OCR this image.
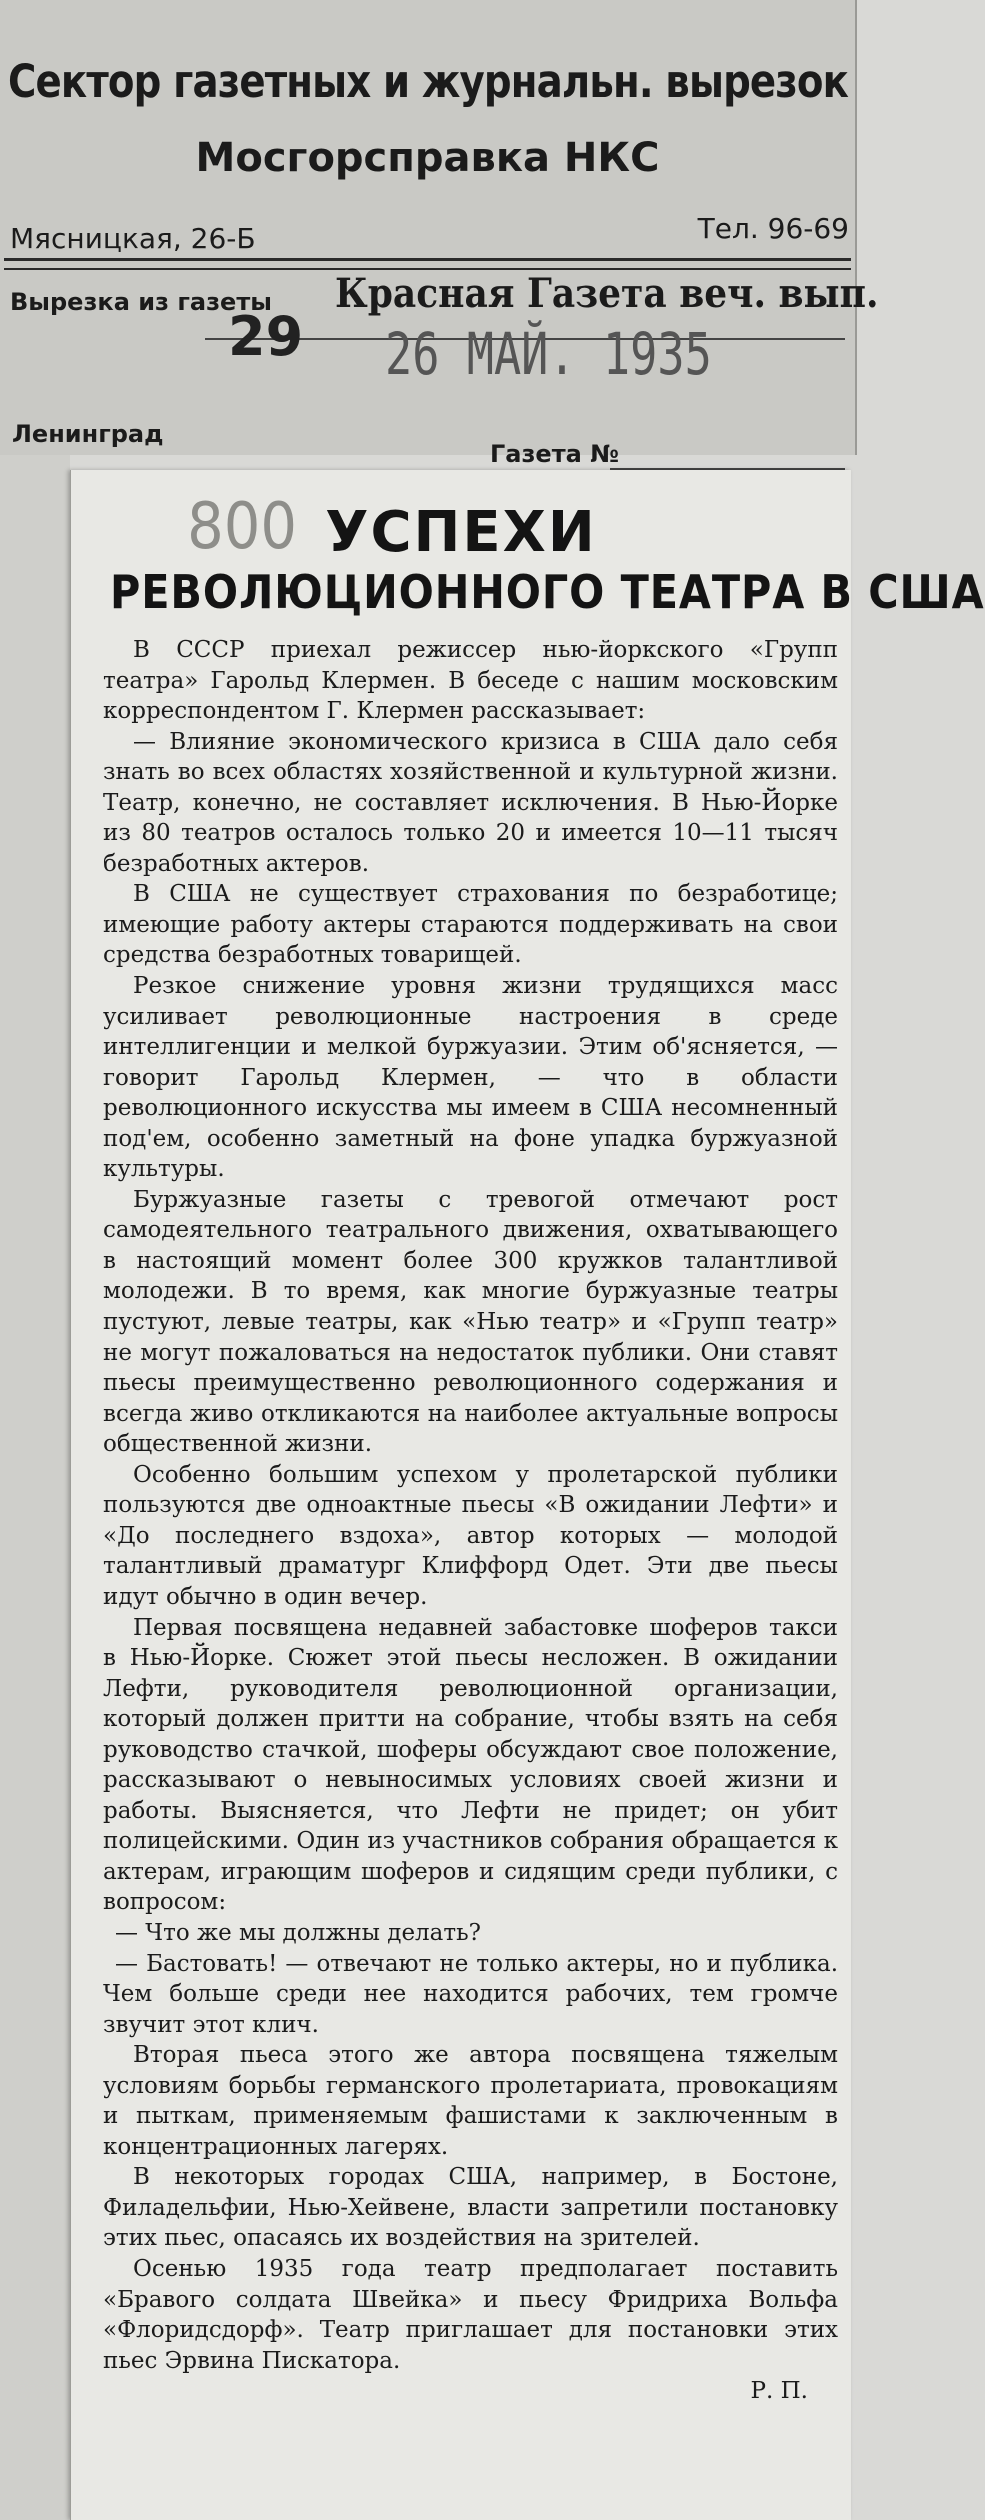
Сектор газетных и журнальн. вырезок
Мосгорсправка НКС
Мясницкая, 26-Б	Тел. 96-69
Вырезка из газеты Красная Газета веч. вып.
29 26 МАЙ. 1935
Ленинград
Газета №
800 УСПЕХИ
РЕВОЛЮЦИОННОГО ТЕАТРА В США

В СССР приехал режиссер нью-йоркского «Групп театра» Гарольд Клермен. В беседе с нашим московским корреспондентом Г. Клермен рассказывает:

— Влияние экономического кризиса в США дало себя знать во всех областях хозяйственной и культурной жизни. Театр, конечно, не составляет исключения. В Нью-Йорке из 80 театров осталось только 20 и имеется 10—11 тысяч безработных актеров.

В США не существует страхования по безработице; имеющие работу актеры стараются поддерживать на свои средства безработных товарищей.

Резкое снижение уровня жизни трудящихся масс усиливает революционные настроения в среде интеллигенции и мелкой буржуазии. Этим об'ясняется, — говорит Гарольд Клермен, — что в области революционного искусства мы имеем в США несомненный под'ем, особенно заметный на фоне упадка буржуазной культуры.

Буржуазные газеты с тревогой отмечают рост самодеятельного театрального движения, охватывающего в настоящий момент более 300 кружков талантливой молодежи. В то время, как многие буржуазные театры пустуют, левые театры, как «Нью театр» и «Групп театр» не могут пожаловаться на недостаток публики. Они ставят пьесы преимущественно революционного содержания и всегда живо откликаются на наиболее актуальные вопросы общественной жизни.

Особенно большим успехом у пролетарской публики пользуются две одноактные пьесы «В ожидании Лефти» и «До последнего вздоха», автор которых — молодой талантливый драматург Клиффорд Одет. Эти две пьесы идут обычно в один вечер.

Первая посвящена недавней забастовке шоферов такси в Нью-Йорке. Сюжет этой пьесы несложен. В ожидании Лефти, руководителя революционной организации, который должен притти на собрание, чтобы взять на себя руководство стачкой, шоферы обсуждают свое положение, рассказывают о невыносимых условиях своей жизни и работы. Выясняется, что Лефти не придет; он убит полицейскими. Один из участников собрания обращается к актерам, играющим шоферов и сидящим среди публики, с вопросом:

— Что же мы должны делать?

— Бастовать! — отвечают не только актеры, но и публика. Чем больше среди нее находится рабочих, тем громче звучит этот клич.

Вторая пьеса этого же автора посвящена тяжелым условиям борьбы германского пролетариата, провокациям и пыткам, применяемым фашистами к заключенным в концентрационных лагерях.

В некоторых городах США, например, в Бостоне, Филадельфии, Нью-Хейвене, власти запретили постановку этих пьес, опасаясь их воздействия на зрителей.

Осенью 1935 года театр предполагает поставить «Бравого солдата Швейка» и пьесу Фридриха Вольфа «Флоридсдорф». Театр приглашает для постановки этих пьес Эрвина Пискатора.

Р. П.
